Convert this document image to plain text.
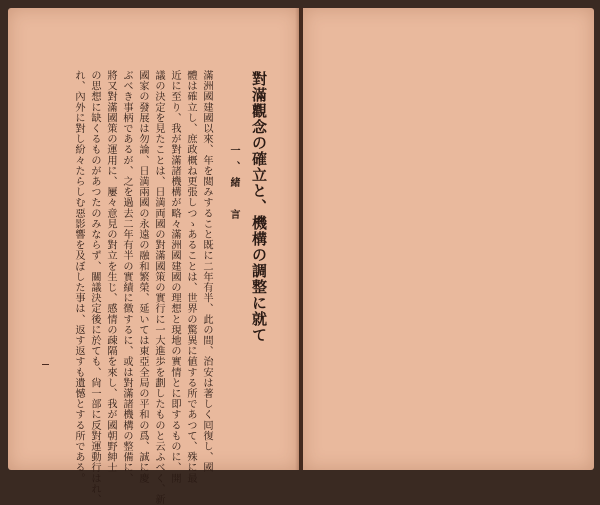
對滿觀念の確立と、機構の調整に就て
一、緒　言
滿洲國建國以來、年を閲みすること既に二年有半、此の間、治安は著しく囘復し、國
體は確立し、庶政概ね更張しつゝあることは、世界の驚異に値する所であつて、殊に最
近に至り、我が對滿諸機構が略々滿洲國建國の理想と現地の實情とに即するものに、開
議の決定を見たことは、日満両國の對滿國策の實行に一大進歩を劃したものと云ふべく、新
國家の發展は勿論、日満兩國の永遠の融和繁榮、延いては東亞全局の平和の爲、誠に慶
ぶべき事柄であるが、之を過去二年有半の實績に徴するに、或は對滿諸機構の整備に、
將又對滿國策の運用に、屢々意見の對立を生じ、感情の疎隔を來し、我が國朝野紳士
の思想に缺くるものがあつたのみならず、關議決定後に於ても、尙一部に反對運動行はれ、
れ、內外に對し紛々たらしむ惡影響を及ぼした事は、返す返すも遺憾とする所である。
